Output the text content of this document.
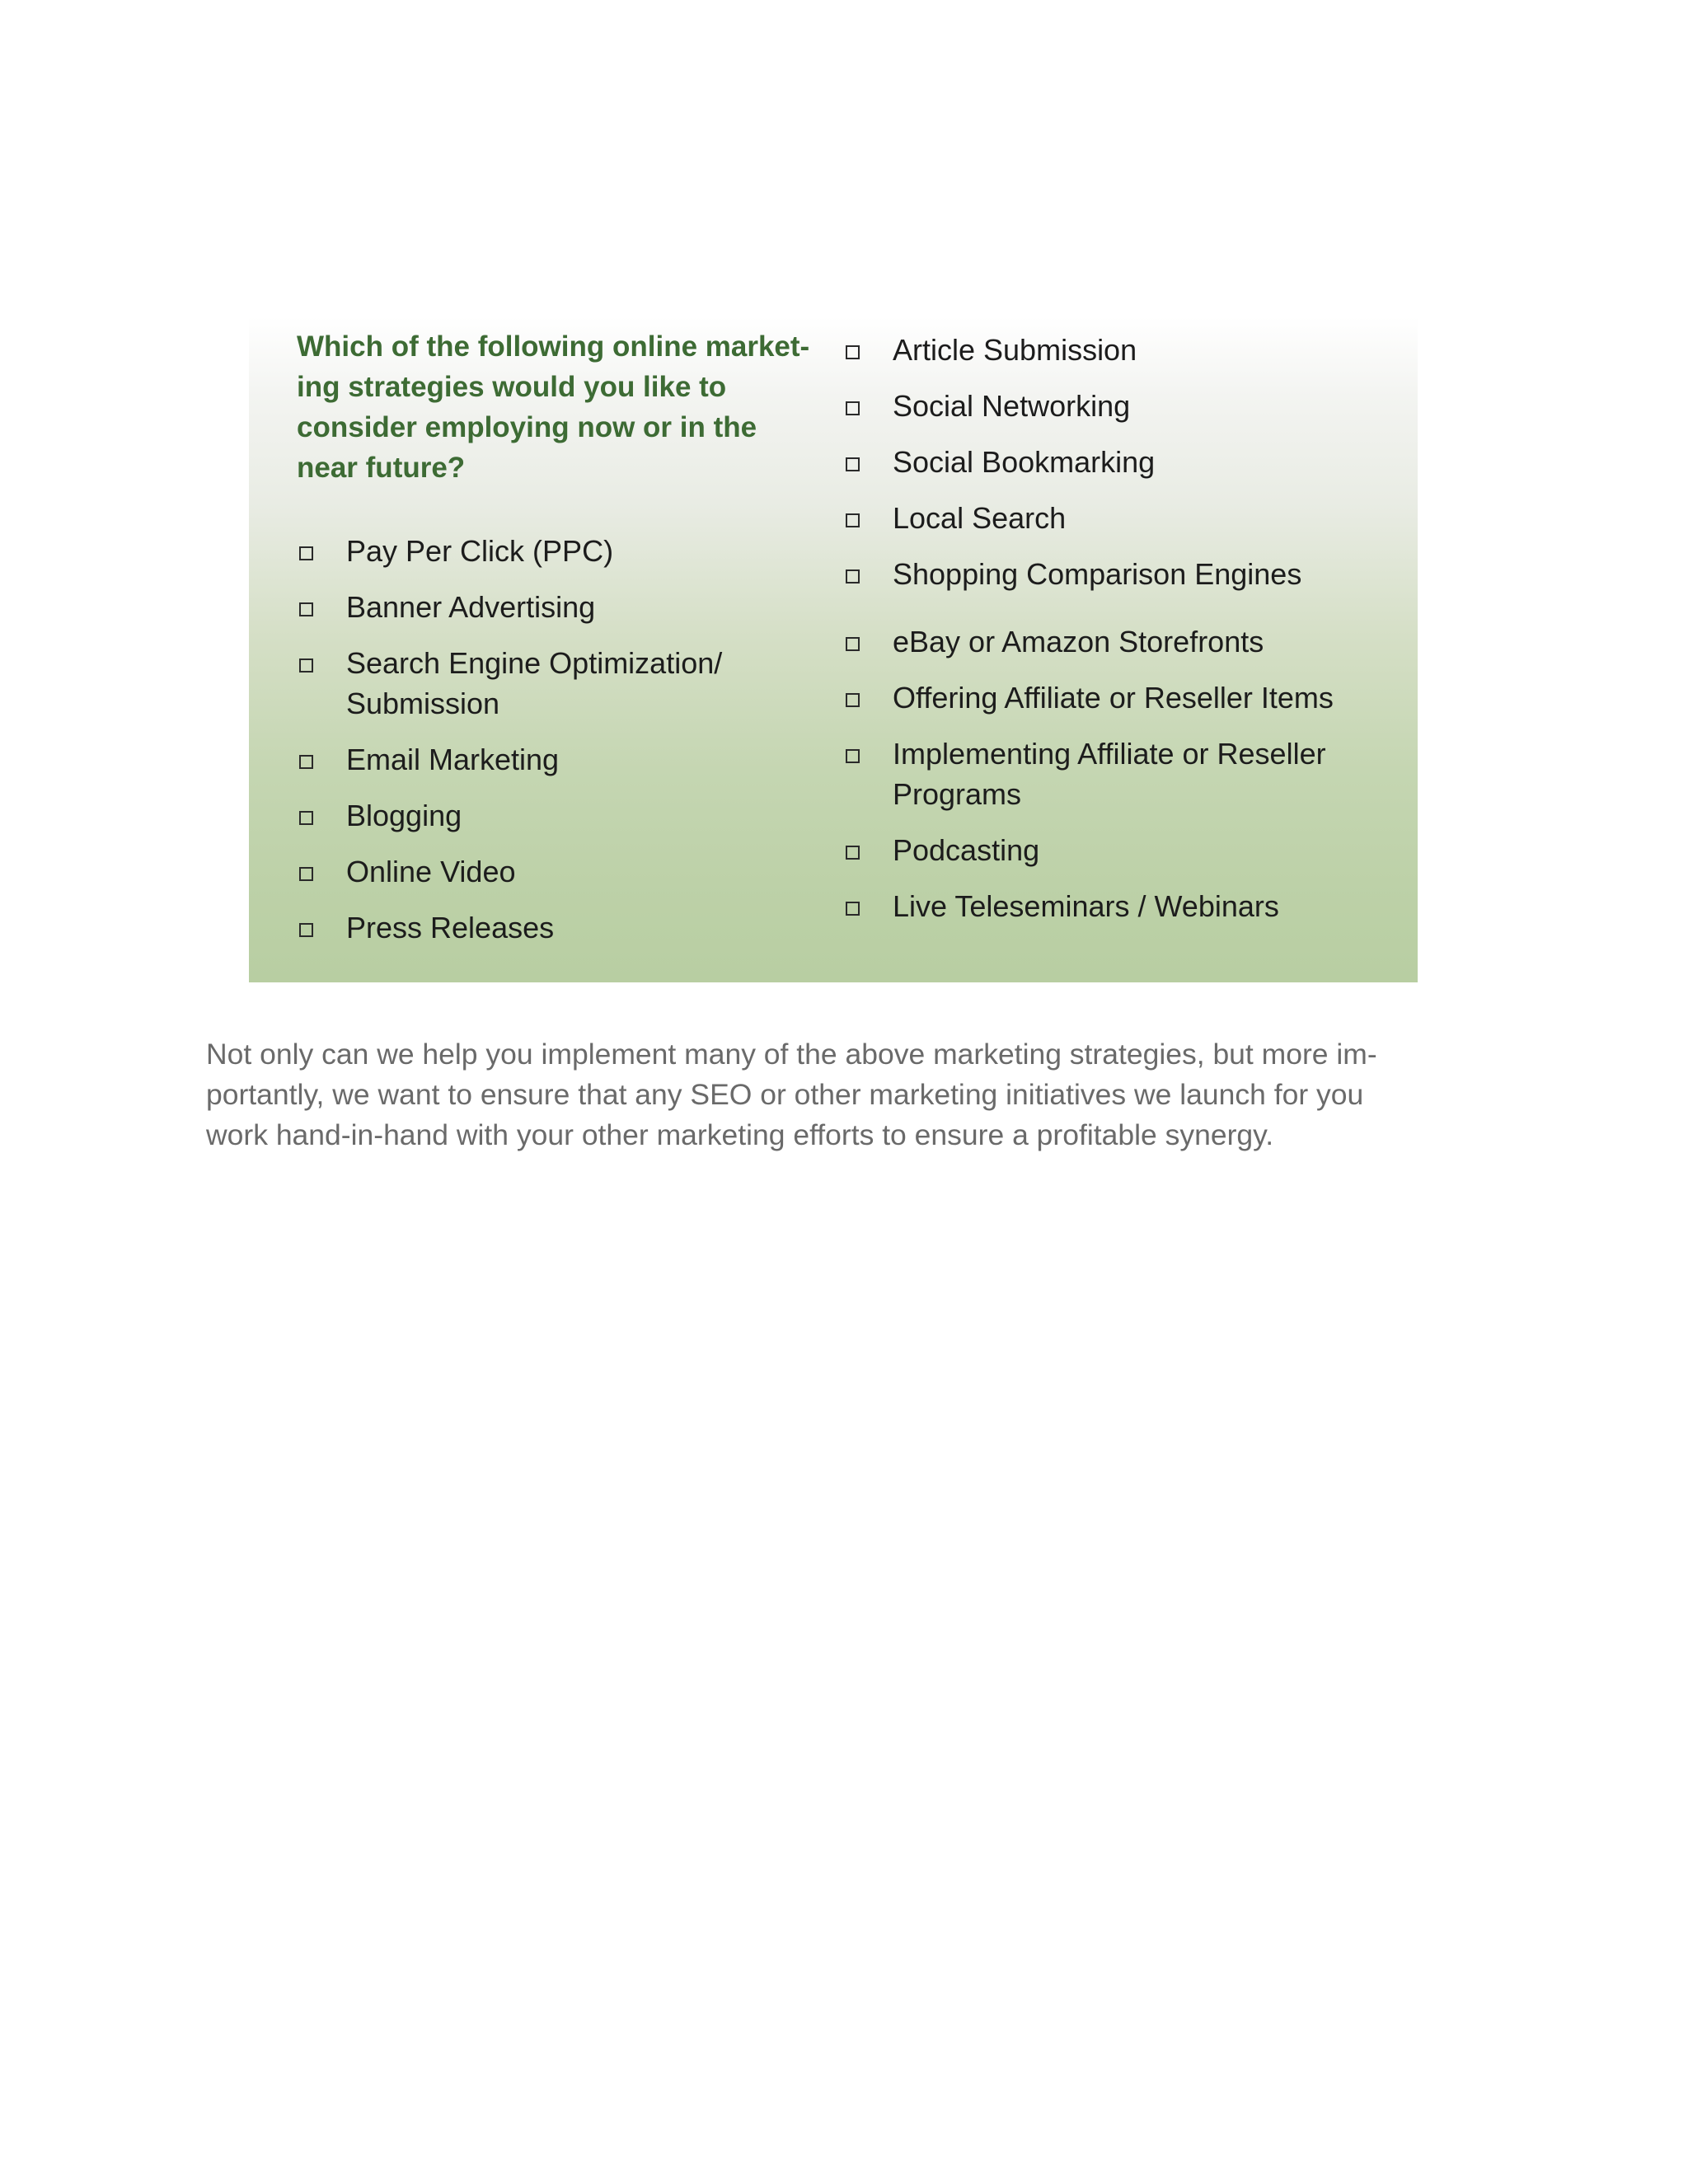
Which of the following online market-
ing strategies would you like to
consider employing now or in the
near future?

Pay Per Click (PPC)
Banner Advertising
Search Engine Optimization/
Submission
Email Marketing
Blogging
Online Video
Press Releases
Article Submission
Social Networking
Social Bookmarking
Local Search
Shopping Comparison Engines
eBay or Amazon Storefronts
Offering Affiliate or Reseller Items
Implementing Affiliate or Reseller
Programs
Podcasting
Live Teleseminars / Webinars

Not only can we help you implement many of the above marketing strategies, but more im-
portantly, we want to ensure that any SEO or other marketing initiatives we launch for you
work hand-in-hand with your other marketing efforts to ensure a profitable synergy.
